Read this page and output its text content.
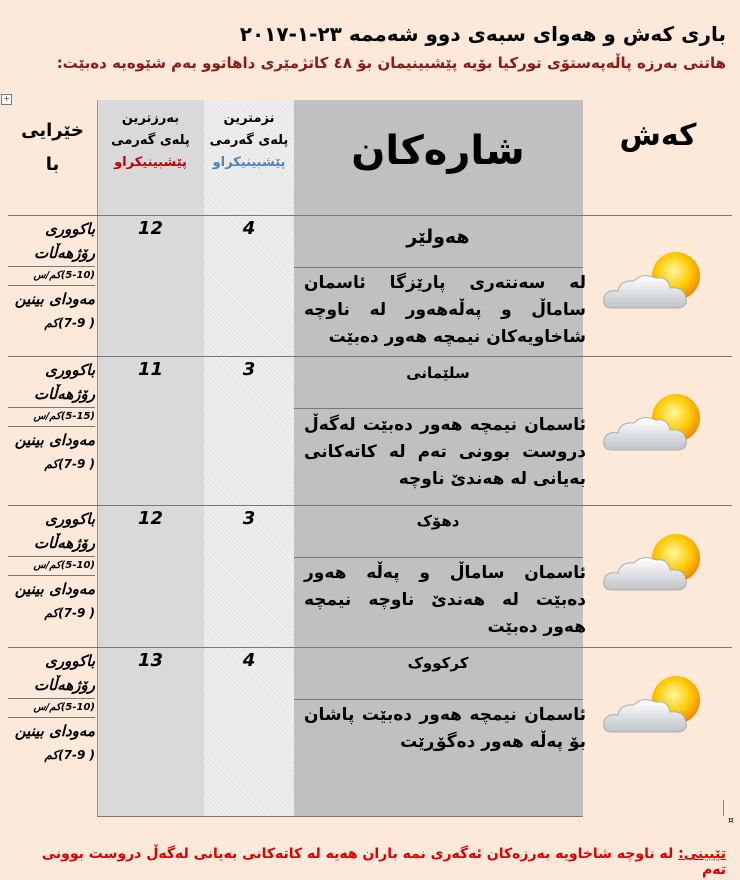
باری کەش و هەوای سبەی دوو شەممە ٢٣-١-٢٠١٧
هاتنی بەرزە پاڵەپەستۆی تورکیا بۆیە پێشبینیمان بۆ ٤٨ کاتژمێری داهاتوو بەم شێوەیە دەبێت:
+
کەش
شارەکان
نزمترین
پلەی گەرمی
پێشبینیکراو
بەرزترین
پلەی گەرمی
پێشبینیکراو
خێرایی
با
12	4	هەولێر
لە سەنتەری پارێزگا ئاسمان ساماڵ و پەڵەهەور لە ناوچە شاخاویەکان نیمچە هەور دەبێت
باکووری رۆژهەڵات
(5-10)کم/س
مەودای بینین
( 7-9)کم
11	3	سلێمانی
ئاسمان نیمچە هەور دەبێت لەگەڵ دروست بوونی تەم لە کاتەکانی بەیانی لە هەندێ ناوچە
باکووری رۆژهەڵات
(5-15)کم/س
مەودای بینین
( 7-9)کم
12	3	دهۆک
ئاسمان ساماڵ و پەڵە هەور دەبێت لە هەندێ ناوچە نیمچە هەور دەبێت
باکووری رۆژهەڵات
(5-10)کم/س
مەودای بینین
( 7-9)کم
13	4	کرکووک
ئاسمان نیمچە هەور دەبێت پاشان بۆ پەڵە هەور دەگۆڕێت
باکووری رۆژهەڵات
(5-10)کم/س
مەودای بینین
( 7-9)کم
¤
تێبینی: لە ناوچە شاخاویە بەرزەکان ئەگەری نمە باران هەیە لە کاتەکانی بەیانی لەگەڵ دروست بوونی تەم
